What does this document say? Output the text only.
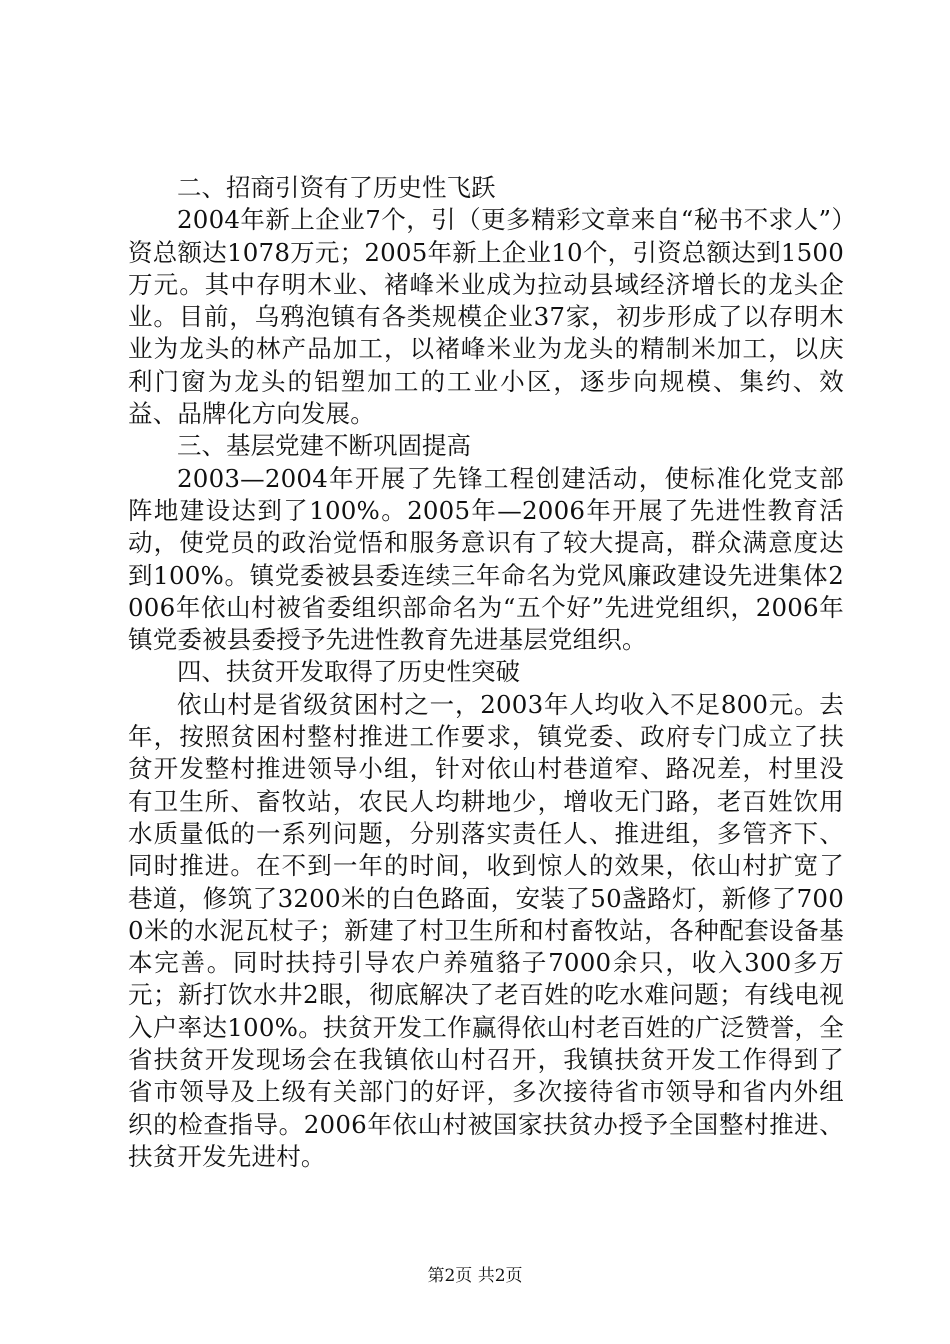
二、招商引资有了历史性飞跃

2004年新上企业7个，引（更多精彩文章来自“秘书不求人”）资总额达1078万元；2005年新上企业10个，引资总额达到1500万元。其中存明木业、褚峰米业成为拉动县域经济增长的龙头企业。目前，乌鸦泡镇有各类规模企业37家，初步形成了以存明木业为龙头的林产品加工，以褚峰米业为龙头的精制米加工，以庆利门窗为龙头的铝塑加工的工业小区，逐步向规模、集约、效益、品牌化方向发展。

三、基层党建不断巩固提高

2003—2004年开展了先锋工程创建活动，使标准化党支部阵地建设达到了100%。2005年—2006年开展了先进性教育活动，使党员的政治觉悟和服务意识有了较大提高，群众满意度达到100%。镇党委被县委连续三年命名为党风廉政建设先进集体2006年依山村被省委组织部命名为“五个好”先进党组织，2006年镇党委被县委授予先进性教育先进基层党组织。

四、扶贫开发取得了历史性突破

依山村是省级贫困村之一，2003年人均收入不足800元。去年，按照贫困村整村推进工作要求，镇党委、政府专门成立了扶贫开发整村推进领导小组，针对依山村巷道窄、路况差，村里没有卫生所、畜牧站，农民人均耕地少，增收无门路，老百姓饮用水质量低的一系列问题，分别落实责任人、推进组，多管齐下、同时推进。在不到一年的时间，收到惊人的效果，依山村扩宽了巷道，修筑了3200米的白色路面，安装了50盏路灯，新修了7000米的水泥瓦杖子；新建了村卫生所和村畜牧站，各种配套设备基本完善。同时扶持引导农户养殖貉子7000余只，收入300多万元；新打饮水井2眼，彻底解决了老百姓的吃水难问题；有线电视入户率达100%。扶贫开发工作赢得依山村老百姓的广泛赞誉，全省扶贫开发现场会在我镇依山村召开，我镇扶贫开发工作得到了省市领导及上级有关部门的好评，多次接待省市领导和省内外组织的检查指导。2006年依山村被国家扶贫办授予全国整村推进、扶贫开发先进村。

第2页 共2页
